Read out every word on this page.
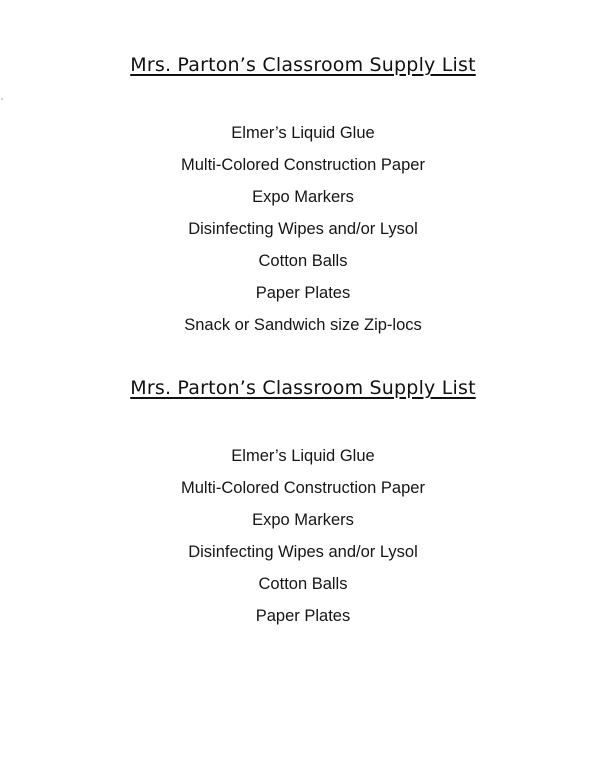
Mrs. Parton’s Classroom Supply List
Elmer’s Liquid Glue
Multi-Colored Construction Paper
Expo Markers
Disinfecting Wipes and/or Lysol
Cotton Balls
Paper Plates
Snack or Sandwich size Zip-locs
Mrs. Parton’s Classroom Supply List
Elmer’s Liquid Glue
Multi-Colored Construction Paper
Expo Markers
Disinfecting Wipes and/or Lysol
Cotton Balls
Paper Plates
